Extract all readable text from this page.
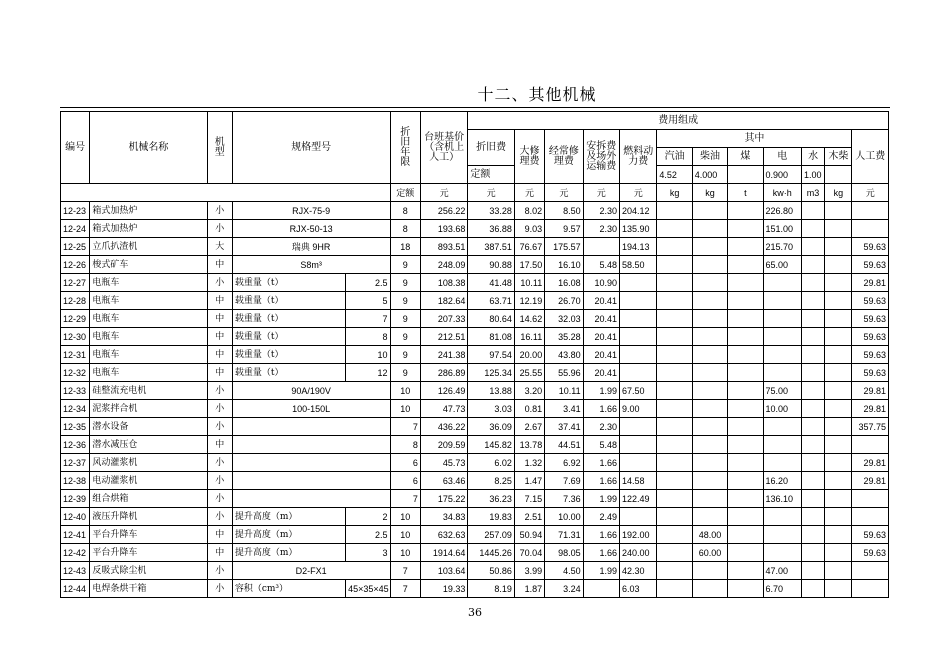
十二、其他机械
编号	机械名称	机型	规格型号		折旧年限	台班基价（含机上人工）	费用组成											
							折旧费	大修理费	经常修理费	安拆费及场外运输费	燃料动力费	其中						人工费
												汽油	柴油	煤	电	水	木柴	
							定额					4.52	4.000		0.900	1.00		
					定额	元	元	元	元	元	元	kg	kg	t	kw·h	m3	kg	元
12-23	箱式加热炉	小	RJX-75-9		8	256.22	33.28	8.02	8.50	2.30	204.12				226.80			
12-24	箱式加热炉	小	RJX-50-13		8	193.68	36.88	9.03	9.57	2.30	135.90				151.00			
12-25	立爪扒渣机	大	瑞典 9HR		18	893.51	387.51	76.67	175.57		194.13				215.70			59.63
12-26	梭式矿车	中	S8m³		9	248.09	90.88	17.50	16.10	5.48	58.50				65.00			59.63
12-27	电瓶车	小	载重量（t）	2.5	9	108.38	41.48	10.11	16.08	10.90								29.81
12-28	电瓶车	中	载重量（t）	5	9	182.64	63.71	12.19	26.70	20.41								59.63
12-29	电瓶车	中	载重量（t）	7	9	207.33	80.64	14.62	32.03	20.41								59.63
12-30	电瓶车	中	载重量（t）	8	9	212.51	81.08	16.11	35.28	20.41								59.63
12-31	电瓶车	中	载重量（t）	10	9	241.38	97.54	20.00	43.80	20.41								59.63
12-32	电瓶车	中	载重量（t）	12	9	286.89	125.34	25.55	55.96	20.41								59.63
12-33	硅整流充电机	小	90A/190V		10	126.49	13.88	3.20	10.11	1.99	67.50				75.00			29.81
12-34	泥浆拌合机	小	100-150L		10	47.73	3.03	0.81	3.41	1.66	9.00				10.00			29.81
12-35	潜水设备	小			7	436.22	36.09	2.67	37.41	2.30								357.75
12-36	潜水减压仓	中			8	209.59	145.82	13.78	44.51	5.48								
12-37	风动灌浆机	小			6	45.73	6.02	1.32	6.92	1.66								29.81
12-38	电动灌浆机	小			6	63.46	8.25	1.47	7.69	1.66	14.58				16.20			29.81
12-39	组合烘箱	小			7	175.22	36.23	7.15	7.36	1.99	122.49				136.10			
12-40	液压升降机	小	提升高度（m）	2	10	34.83	19.83	2.51	10.00	2.49								
12-41	平台升降车	中	提升高度（m）	2.5	10	632.63	257.09	50.94	71.31	1.66	192.00		48.00					59.63
12-42	平台升降车	中	提升高度（m）	3	10	1914.64	1445.26	70.04	98.05	1.66	240.00		60.00					59.63
12-43	反吸式除尘机	小	D2-FX1		7	103.64	50.86	3.99	4.50	1.99	42.30				47.00			
12-44	电焊条烘干箱	小	容积（cm³）	45×35×45	7	19.33	8.19	1.87	3.24		6.03				6.70			
36
